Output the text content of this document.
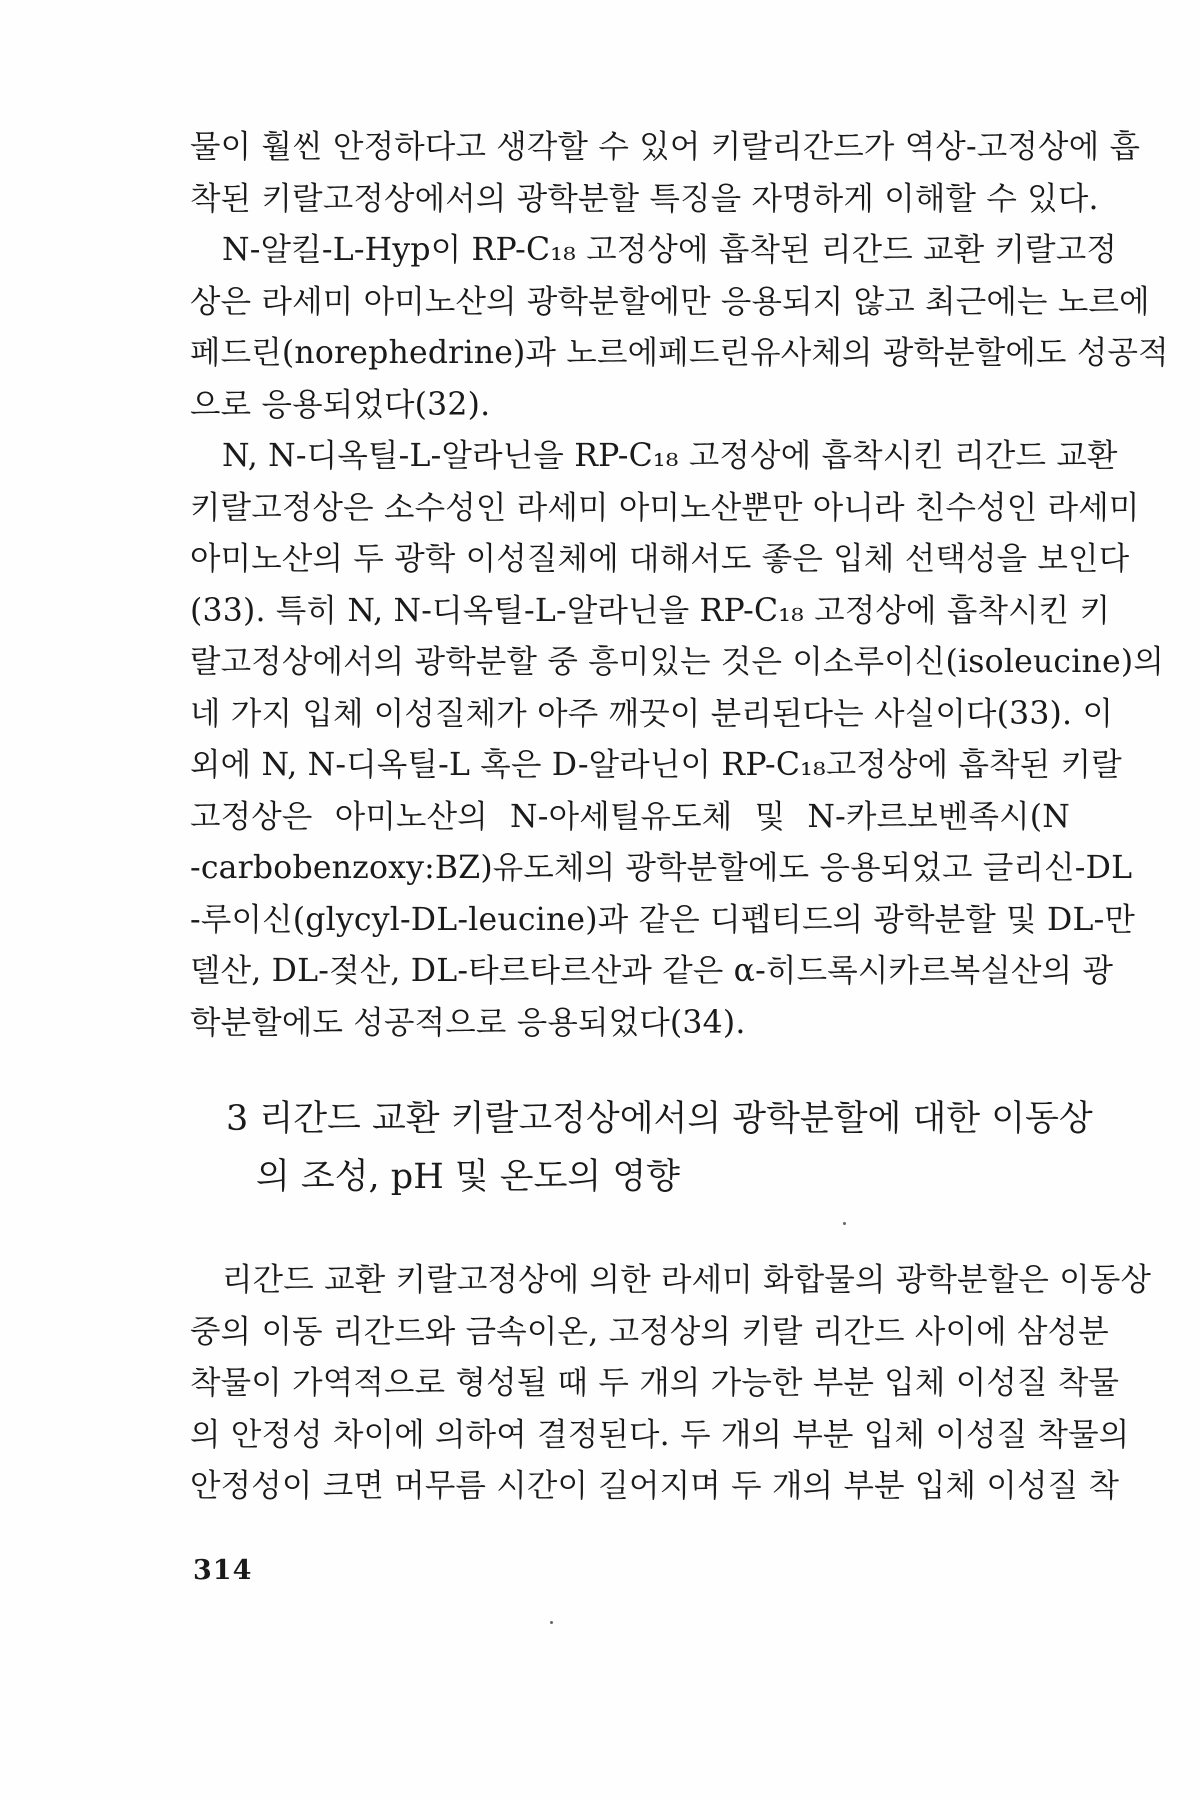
물이 훨씬 안정하다고 생각할 수 있어 키랄리간드가 역상-고정상에 흡
착된 키랄고정상에서의 광학분할 특징을 자명하게 이해할 수 있다.

N-알킬-L-Hyp이 RP-C₁₈ 고정상에 흡착된 리간드 교환 키랄고정
상은 라세미 아미노산의 광학분할에만 응용되지 않고 최근에는 노르에
페드린(norephedrine)과 노르에페드린유사체의 광학분할에도 성공적
으로 응용되었다(32).

N, N-디옥틸-L-알라닌을 RP-C₁₈ 고정상에 흡착시킨 리간드 교환
키랄고정상은 소수성인 라세미 아미노산뿐만 아니라 친수성인 라세미
아미노산의 두 광학 이성질체에 대해서도 좋은 입체 선택성을 보인다
(33). 특히 N, N-디옥틸-L-알라닌을 RP-C₁₈ 고정상에 흡착시킨 키
랄고정상에서의 광학분할 중 흥미있는 것은 이소루이신(isoleucine)의
네 가지 입체 이성질체가 아주 깨끗이 분리된다는 사실이다(33). 이
외에 N, N-디옥틸-L 혹은 D-알라닌이 RP-C₁₈고정상에 흡착된 키랄
고정상은 아미노산의 N-아세틸유도체 및 N-카르보벤족시(N
-carbobenzoxy:BZ)유도체의 광학분할에도 응용되었고 글리신-DL
-루이신(glycyl-DL-leucine)과 같은 디펩티드의 광학분할 및 DL-만
델산, DL-젖산, DL-타르타르산과 같은 α-히드록시카르복실산의 광
학분할에도 성공적으로 응용되었다(34).

3 리간드 교환 키랄고정상에서의 광학분할에 대한 이동상
의 조성, pH 및 온도의 영향

리간드 교환 키랄고정상에 의한 라세미 화합물의 광학분할은 이동상
중의 이동 리간드와 금속이온, 고정상의 키랄 리간드 사이에 삼성분
착물이 가역적으로 형성될 때 두 개의 가능한 부분 입체 이성질 착물
의 안정성 차이에 의하여 결정된다. 두 개의 부분 입체 이성질 착물의
안정성이 크면 머무름 시간이 길어지며 두 개의 부분 입체 이성질 착

314
